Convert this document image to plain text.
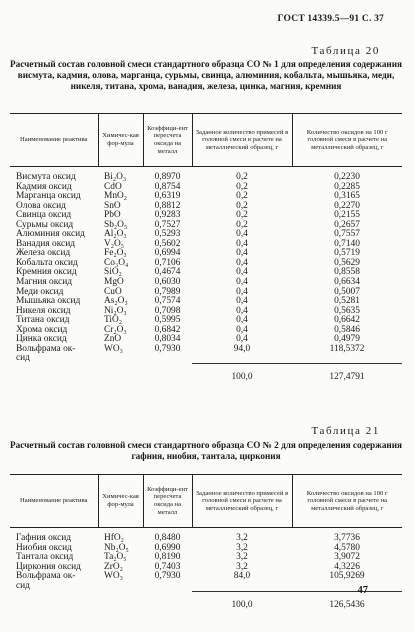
ГОСТ 14339.5—91 С. 37
Таблица 20
Расчетный состав головной смеси стандартного образца СО № 1 для определения содержания висмута, кадмия, олова, марганца, сурьмы, свинца, алюминия, кобальта, мышьяка, меди, никеля, титана, хрома, ванадия, железа, цинка, магния, кремния
Наименование реактива	Химичес-кая фор-мула	Коэффици-ент пересчета оксида на металл	Заданное количество примесей в головной смеси в расчете на металлический образец, г	Количество оксидов на 100 г головной смеси в расчете на металлический образец, г
Висмута оксид	Bi₂O₃	0,8970	0,2	0,2230
Кадмия оксид	CdO	0,8754	0,2	0,2285
Марганца оксид	MnO₂	0,6319	0,2	0,3165
Олова оксид	SnO	0,8812	0,2	0,2270
Свинца оксид	PbO	0,9283	0,2	0,2155
Сурьмы оксид	Sb₂O₅	0,7527	0,2	0,2657
Алюминия оксид	Al₂O₃	0,5293	0,4	0,7557
Ванадия оксид	V₂O₅	0,5602	0,4	0,7140
Железа оксид	Fe₂O₃	0,6994	0,4	0,5719
Кобальта оксид	Co₃O₄	0,7106	0,4	0,5629
Кремния оксид	SiO₂	0,4674	0,4	0,8558
Магния оксид	MgO	0,6030	0,4	0,6634
Меди оксид	CuO	0,7989	0,4	0,5007
Мышьяка оксид	As₂O₃	0,7574	0,4	0,5281
Никеля оксид	Ni₂O₃	0,7098	0,4	0,5635
Титана оксид	TiO₂	0,5995	0,4	0,6642
Хрома оксид	Cr₂O₃	0,6842	0,4	0,5846
Цинка оксид	ZnO	0,8034	0,4	0,4979
Вольфрама ок-	WO₃	0,7930	94,0	118,5372
сид				
			100,0	127,4791
Таблица 21
Расчетный состав головной смеси стандартного образца СО № 2 для определения содержания гафния, ниобия, тантала, циркония
Наименование реактива	Химичес-кая фор-мула	Коэффици-ент пересчета оксида на металл	Заданное количество примесей в головной смеси в расчете на металлический образец, г	Количество оксидов на 100 г головной смеси в расчете на металлический образец, г
Гафния оксид	HfO₂	0,8480	3,2	3,7736
Ниобия оксид	Nb₂O₅	0,6990	3,2	4,5780
Тантала оксид	Ta₂O₅	0,8190	3,2	3,9072
Циркония оксид	ZrO₂	0,7403	3,2	4,3226
Вольфрама ок-	WO₃	0,7930	84,0	105,9269
сид				
			100,0	126,5436
47
